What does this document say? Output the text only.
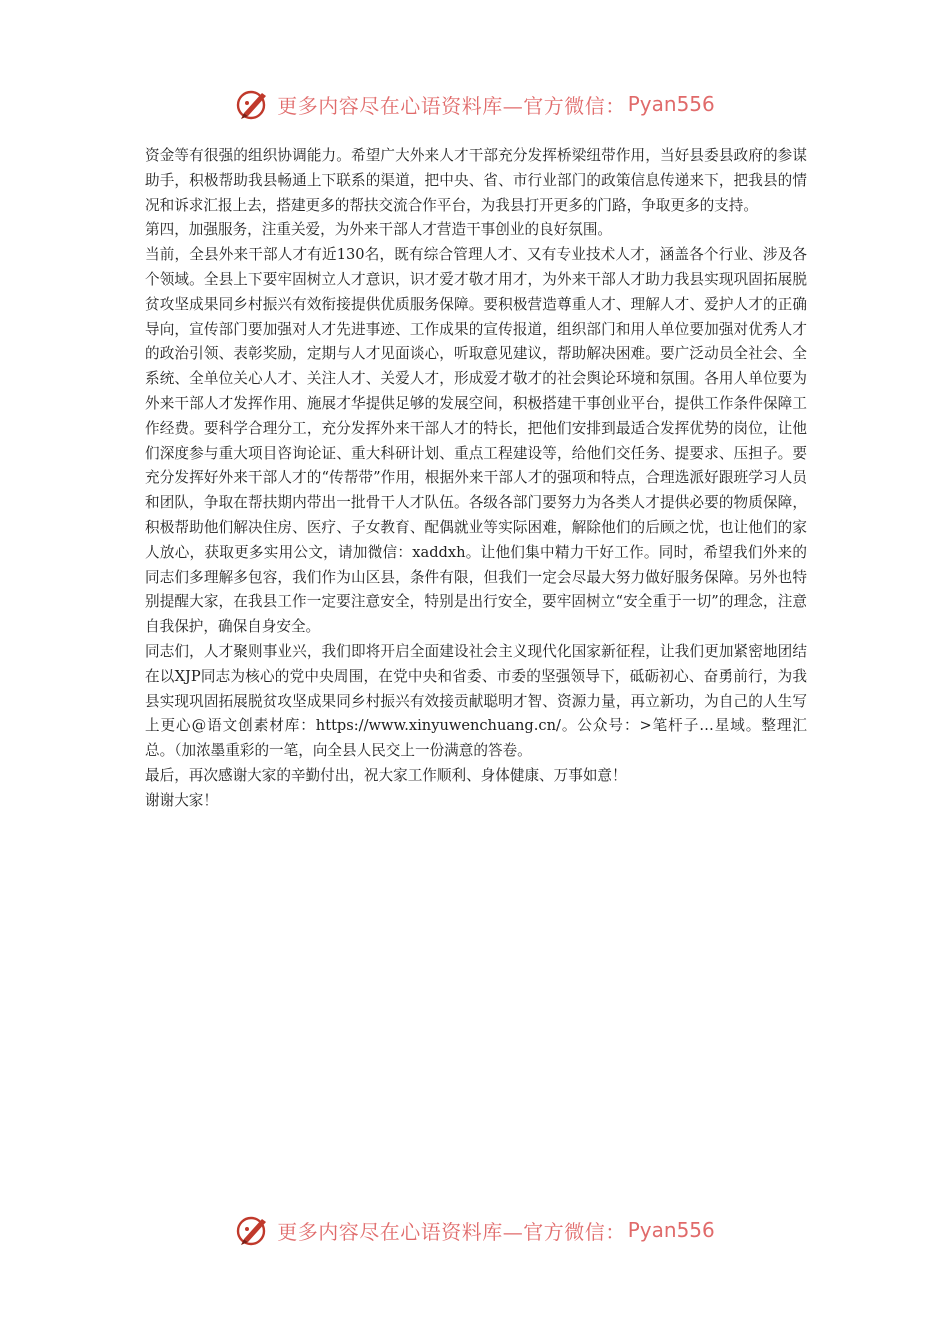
更多内容尽在心语资料库—官方微信： Pyan556

资金等有很强的组织协调能力。希望广大外来人才干部充分发挥桥梁纽带作用，当好县委县政府的参谋助手，积极帮助我县畅通上下联系的渠道，把中央、省、市行业部门的政策信息传递来下，把我县的情况和诉求汇报上去，搭建更多的帮扶交流合作平台，为我县打开更多的门路，争取更多的支持。

第四，加强服务，注重关爱，为外来干部人才营造干事创业的良好氛围。

当前，全县外来干部人才有近130名，既有综合管理人才、又有专业技术人才，涵盖各个行业、涉及各个领域。全县上下要牢固树立人才意识，识才爱才敬才用才，为外来干部人才助力我县实现巩固拓展脱贫攻坚成果同乡村振兴有效衔接提供优质服务保障。要积极营造尊重人才、理解人才、爱护人才的正确导向，宣传部门要加强对人才先进事迹、工作成果的宣传报道，组织部门和用人单位要加强对优秀人才的政治引领、表彰奖励，定期与人才见面谈心，听取意见建议，帮助解决困难。要广泛动员全社会、全系统、全单位关心人才、关注人才、关爱人才，形成爱才敬才的社会舆论环境和氛围。各用人单位要为外来干部人才发挥作用、施展才华提供足够的发展空间，积极搭建干事创业平台，提供工作条件保障工作经费。要科学合理分工，充分发挥外来干部人才的特长，把他们安排到最适合发挥优势的岗位，让他们深度参与重大项目咨询论证、重大科研计划、重点工程建设等，给他们交任务、提要求、压担子。要充分发挥好外来干部人才的“传帮带”作用，根据外来干部人才的强项和特点，合理选派好跟班学习人员和团队，争取在帮扶期内带出一批骨干人才队伍。各级各部门要努力为各类人才提供必要的物质保障，积极帮助他们解决住房、医疗、子女教育、配偶就业等实际困难，解除他们的后顾之忧，也让他们的家人放心，获取更多实用公文，请加微信：xaddxh。让他们集中精力干好工作。同时，希望我们外来的同志们多理解多包容，我们作为山区县，条件有限，但我们一定会尽最大努力做好服务保障。另外也特别提醒大家，在我县工作一定要注意安全，特别是出行安全，要牢固树立“安全重于一切”的理念，注意自我保护，确保自身安全。

同志们，人才聚则事业兴，我们即将开启全面建设社会主义现代化国家新征程，让我们更加紧密地团结在以XJP同志为核心的党中央周围，在党中央和省委、市委的坚强领导下，砥砺初心、奋勇前行，为我县实现巩固拓展脱贫攻坚成果同乡村振兴有效接贡献聪明才智、资源力量，再立新功，为自己的人生写上更心@语文创素材库：https://www.xinyuwenchuang.cn/。公众号：>笔杆子…星域。整理汇总。（加浓墨重彩的一笔，向全县人民交上一份满意的答卷。

最后，再次感谢大家的辛勤付出，祝大家工作顺利、身体健康、万事如意！

谢谢大家！

更多内容尽在心语资料库—官方微信： Pyan556
